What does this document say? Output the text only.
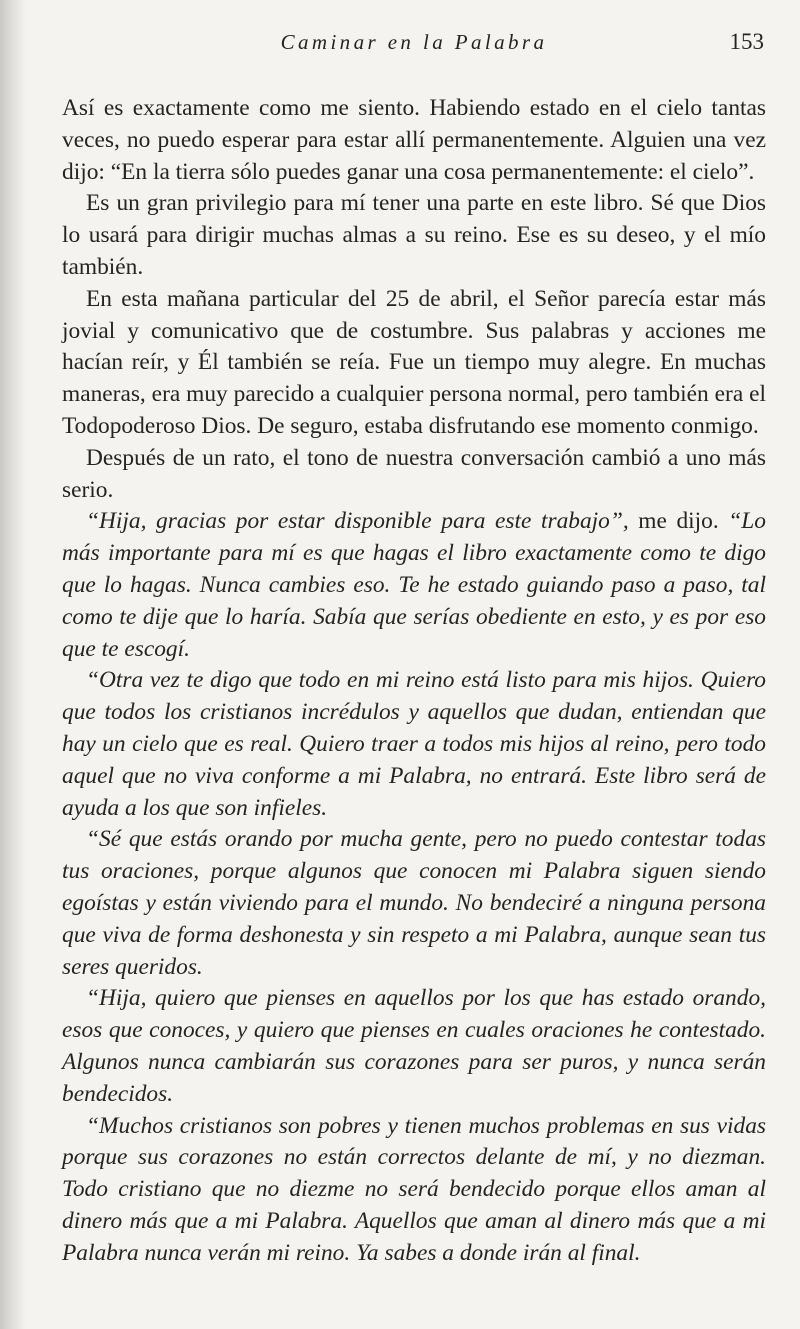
Caminar en la Palabra	153

Así es exactamente como me siento. Habiendo estado en el cielo tantas veces, no puedo esperar para estar allí permanentemente. Alguien una vez dijo: “En la tierra sólo puedes ganar una cosa permanentemente: el cielo”.

Es un gran privilegio para mí tener una parte en este libro. Sé que Dios lo usará para dirigir muchas almas a su reino. Ese es su deseo, y el mío también.

En esta mañana particular del 25 de abril, el Señor parecía estar más jovial y comunicativo que de costumbre. Sus palabras y acciones me hacían reír, y Él también se reía. Fue un tiempo muy alegre. En muchas maneras, era muy parecido a cualquier persona normal, pero también era el Todopoderoso Dios. De seguro, estaba disfrutando ese momento conmigo.

Después de un rato, el tono de nuestra conversación cambió a uno más serio.

“Hija, gracias por estar disponible para este trabajo”, me dijo. “Lo más importante para mí es que hagas el libro exactamente como te digo que lo hagas. Nunca cambies eso. Te he estado guiando paso a paso, tal como te dije que lo haría. Sabía que serías obediente en esto, y es por eso que te escogí.

“Otra vez te digo que todo en mi reino está listo para mis hijos. Quiero que todos los cristianos incrédulos y aquellos que dudan, entiendan que hay un cielo que es real. Quiero traer a todos mis hijos al reino, pero todo aquel que no viva conforme a mi Palabra, no entrará. Este libro será de ayuda a los que son infieles.

“Sé que estás orando por mucha gente, pero no puedo contestar todas tus oraciones, porque algunos que conocen mi Palabra siguen siendo egoístas y están viviendo para el mundo. No bendeciré a ninguna persona que viva de forma deshonesta y sin respeto a mi Palabra, aunque sean tus seres queridos.

“Hija, quiero que pienses en aquellos por los que has estado orando, esos que conoces, y quiero que pienses en cuales oraciones he contestado. Algunos nunca cambiarán sus corazones para ser puros, y nunca serán bendecidos.

“Muchos cristianos son pobres y tienen muchos problemas en sus vidas porque sus corazones no están correctos delante de mí, y no diezman. Todo cristiano que no diezme no será bendecido porque ellos aman al dinero más que a mi Palabra. Aquellos que aman al dinero más que a mi Palabra nunca verán mi reino. Ya sabes a donde irán al final.
